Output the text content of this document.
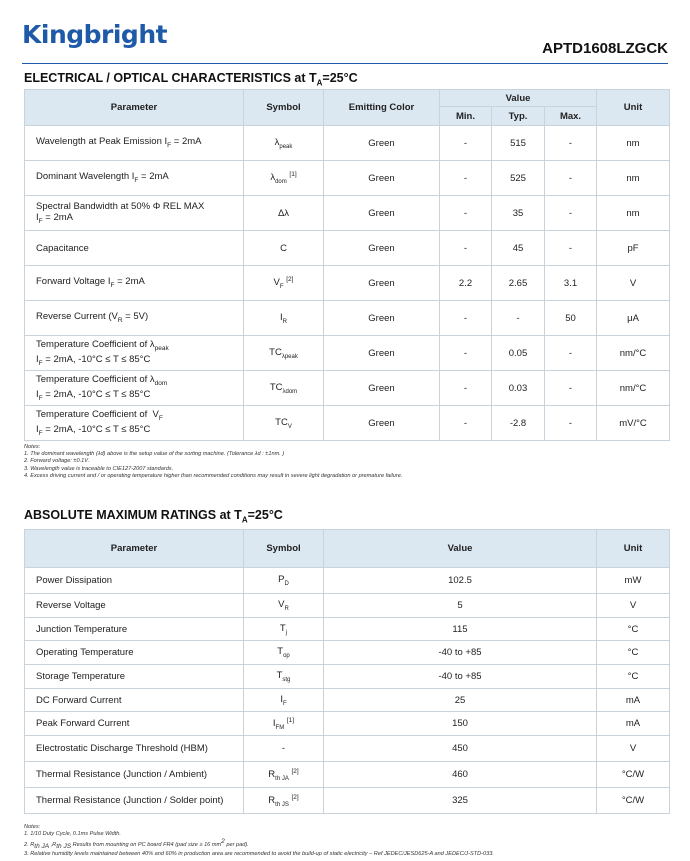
Kingbright	APTD1608LZGCK
ELECTRICAL / OPTICAL CHARACTERISTICS at $T_A=25^\circ C$
Parameter	Symbol	Emitting Color	Value			Unit
			Min.	Typ.	Max.	
Wavelength at Peak Emission $I_F = 2mA$	$\lambda_{peak}$	Green	-	515	-	nm
Dominant Wavelength $I_F = 2mA$	$\lambda_{dom}$ [1]	Green	-	525	-	nm
Spectral Bandwidth at 50% Φ REL MAX
$I_F = 2mA$	Δλ	Green	-	35	-	nm
Capacitance	C	Green	-	45	-	pF
Forward Voltage $I_F = 2mA$	$V_F$ [2]	Green	2.2	2.65	3.1	V
Reverse Current $(V_R = 5V)$	$I_R$	Green	-	-	50	μA
Temperature Coefficient of $\lambda_{peak}$
$I_F = 2mA$, -10°C ≤ T ≤ 85°C	$TC_{\lambda peak}$	Green	-	0.05	-	nm/°C
Temperature Coefficient of $\lambda_{dom}$
$I_F = 2mA$, -10°C ≤ T ≤ 85°C	$TC_{\lambda dom}$	Green	-	0.03	-	nm/°C
Temperature Coefficient of  $V_F$
$I_F = 2mA$, -10°C ≤ T ≤ 85°C	$TC_V$	Green	-	-2.8	-	mV/°C
Notes:
1. The dominant wavelength (λd) above is the setup value of the sorting machine. (Tolerance λd : ±1nm. )
2. Forward voltage: ±0.1V.
3. Wavelength value is traceable to CIE127-2007 standards.
4. Excess driving current and / or operating temperature higher than recommended conditions may result in severe light degradation or premature failure.
ABSOLUTE MAXIMUM RATINGS at $T_A=25^\circ C$
Parameter	Symbol	Value	Unit
Power Dissipation	$P_D$	102.5	mW
Reverse Voltage	$V_R$	5	V
Junction Temperature	$T_j$	115	°C
Operating Temperature	$T_{op}$	-40 to +85	°C
Storage Temperature	$T_{stg}$	-40 to +85	°C
DC Forward Current	$I_F$	25	mA
Peak Forward Current	$I_{FM}$ [1]	150	mA
Electrostatic Discharge Threshold (HBM)	-	450	V
Thermal Resistance (Junction / Ambient)	$R_{th JA}$ [2]	460	°C/W
Thermal Resistance (Junction / Solder point)	$R_{th JS}$ [2]	325	°C/W
Notes:
1. 1/10 Duty Cycle, 0.1ms Pulse Width.
2. $R_{th JA}$ $,R_{th JS}$ Results from mounting on PC board FR4 (pad size ≥ 16 $mm^2$ per pad).
3. Relative humidity levels maintained between 40% and 60% in production area are recommended to avoid the build-up of static electricity – Ref JEDEC/JESD625-A and JEDEC/J-STD-033.
